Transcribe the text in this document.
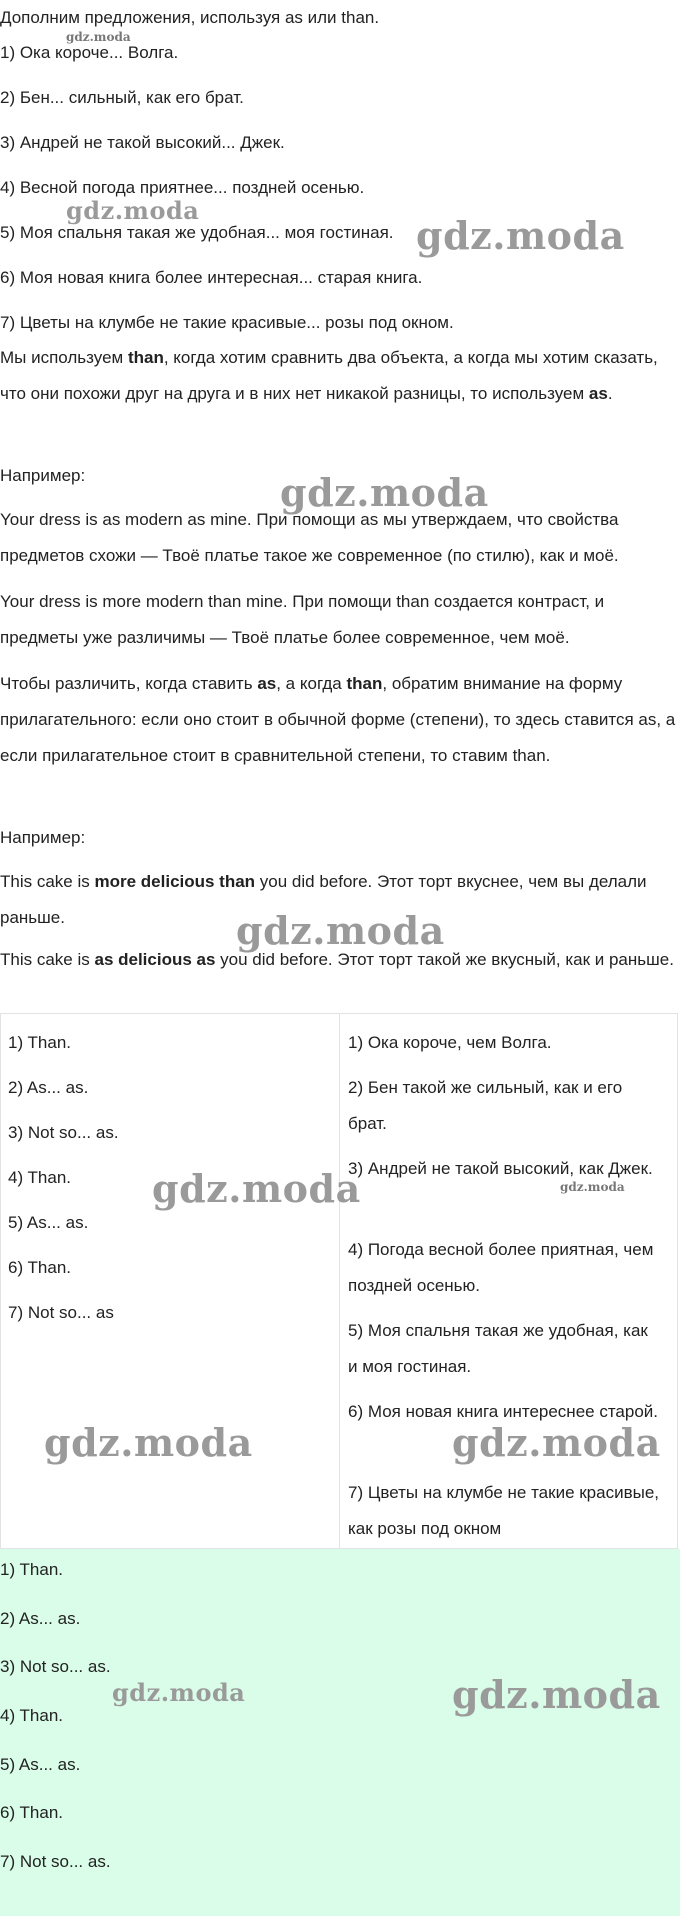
Дополним предложения, используя as или than.
1) Ока короче... Волга.
2) Бен... сильный, как его брат.
3) Андрей не такой высокий... Джек.
4) Весной погода приятнее... поздней осенью.
5) Моя спальня такая же удобная... моя гостиная.
6) Моя новая книга более интересная... старая книга.
7) Цветы на клумбе не такие красивые... розы под окном.
Мы используем than, когда хотим сравнить два объекта, а когда мы хотим сказать, что они похожи друг на друга и в них нет никакой разницы, то используем as.
Например:
Your dress is as modern as mine. При помощи as мы утверждаем, что свойства предметов схожи — Твоё платье такое же современное (по стилю), как и моё.
Your dress is more modern than mine. При помощи than создается контраст, и предметы уже различимы — Твоё платье более современное, чем моё.
Чтобы различить, когда ставить as, а когда than, обратим внимание на форму прилагательного: если оно стоит в обычной форме (степени), то здесь ставится as, а если прилагательное стоит в сравнительной степени, то ставим than.
Например:
This cake is more delicious than you did before. Этот торт вкуснее, чем вы делали раньше.
This cake is as delicious as you did before. Этот торт такой же вкусный, как и раньше.
1) Than.
2) As... as.
3) Not so... as.
4) Than.
5) As... as.
6) Than.
7) Not so... as
1) Ока короче, чем Волга.
2) Бен такой же сильный, как и его брат.
3) Андрей не такой высокий, как Джек.
4) Погода весной более приятная, чем поздней осенью.
5) Моя спальня такая же удобная, как и моя гостиная.
6) Моя новая книга интереснее старой.
7) Цветы на клумбе не такие красивые, как розы под окном
1) Than.
2) As... as.
3) Not so... as.
4) Than.
5) As... as.
6) Than.
7) Not so... as.
gdz.moda
gdz.moda
gdz.moda
gdz.moda
gdz.moda
gdz.moda	gdz.moda
gdz.moda	gdz.moda
gdz.moda	gdz.moda
